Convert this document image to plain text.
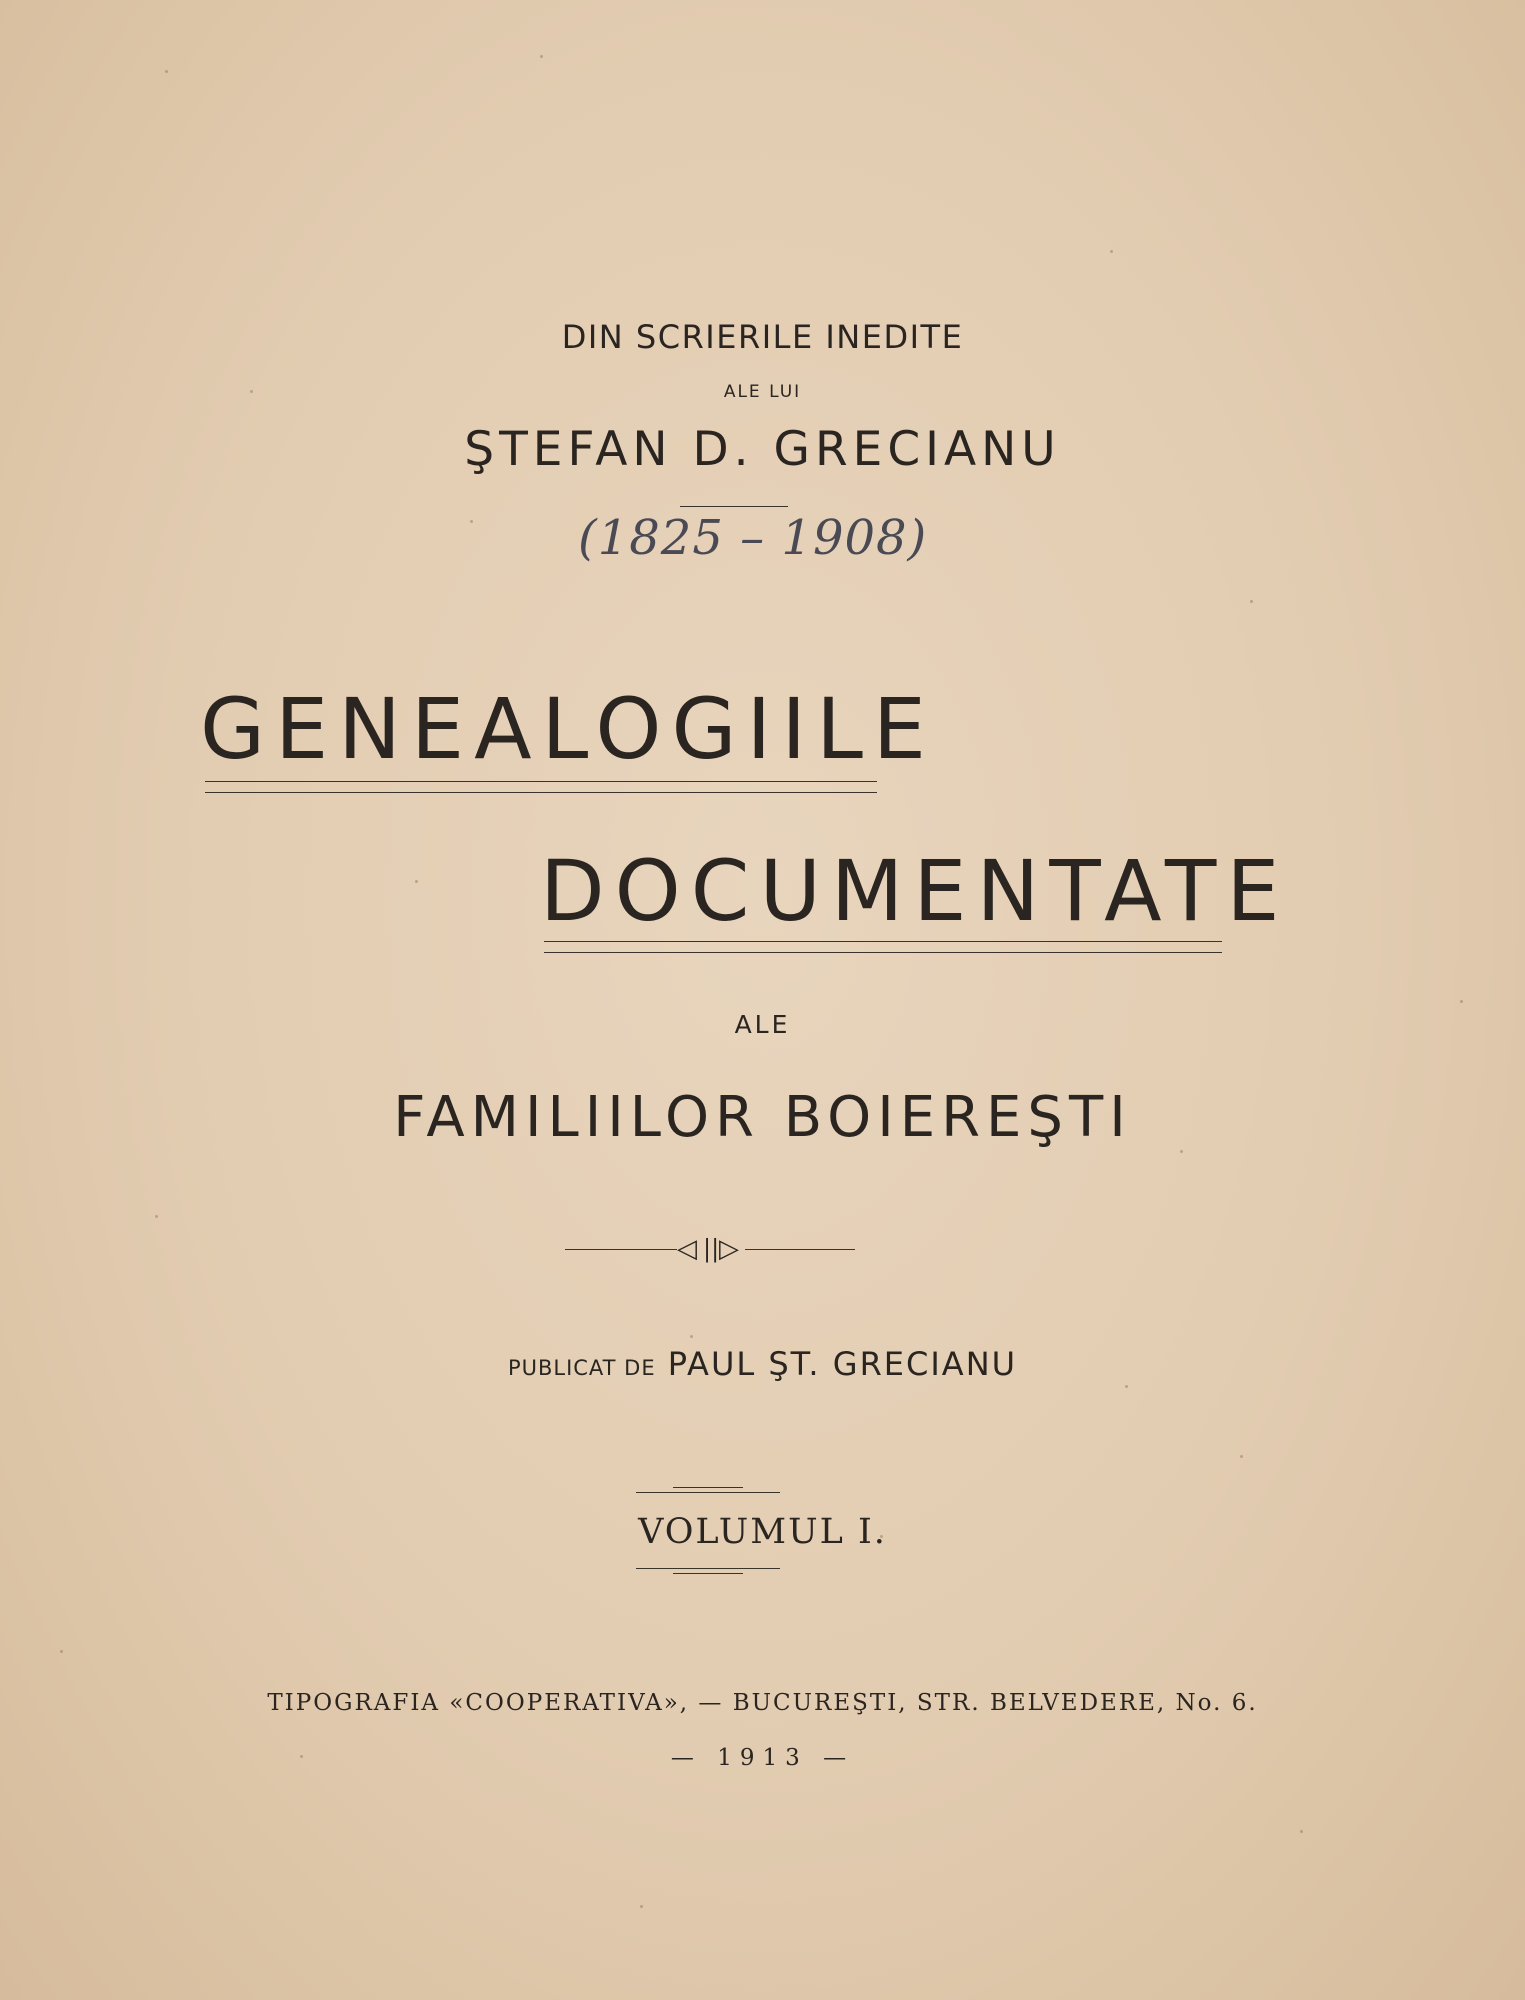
DIN SCRIERILE INEDITE
ALE LUI
ŞTEFAN D. GRECIANU
(1825 – 1908)
GENEALOGIILE
DOCUMENTATE
ALE
FAMILIILOR BOIEREŞTI
◁ || ▷
PUBLICAT DE PAUL ŞT. GRECIANU
VOLUMUL I.
TIPOGRAFIA «COOPERATIVA», — BUCUREŞTI, STR. BELVEDERE, No. 6.
— 1913 —
